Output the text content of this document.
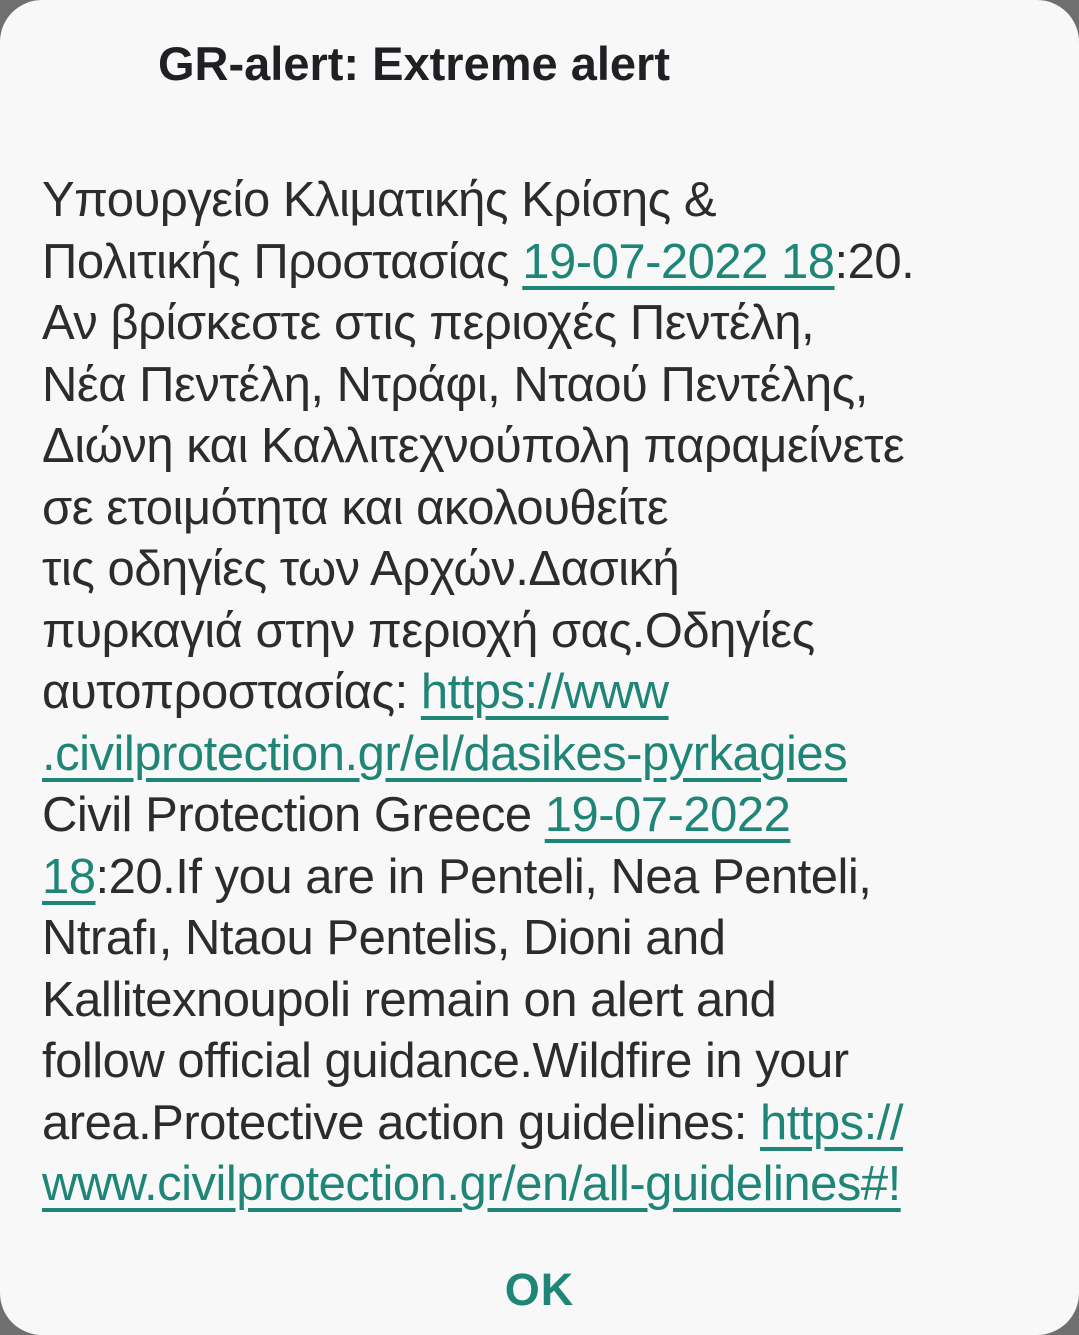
GR-alert: Extreme alert
Υπουργείο Κλιματικής Κρίσης &
Πολιτικής Προστασίας 19-07-2022 18:20.
Αν βρίσκεστε στις περιοχές Πεντέλη,
Νέα Πεντέλη, Ντράφι, Νταού Πεντέλης,
Διώνη και Καλλιτεχνούπολη παραμείνετε
σε ετοιμότητα και ακολουθείτε
τις οδηγίες των Αρχών.Δασική
πυρκαγιά στην περιοχή σας.Οδηγίες
αυτοπροστασίας: https://www
.civilprotection.gr/el/dasikes-pyrkagies
Civil Protection Greece 19-07-2022
18:20.If you are in Penteli, Nea Penteli,
Ntrafı, Ntaou Pentelis, Dioni and
Kallitexnoupoli remain on alert and
follow official guidance.Wildfire in your
area.Protective action guidelines: https://
www.civilprotection.gr/en/all-guidelines#!
OK
